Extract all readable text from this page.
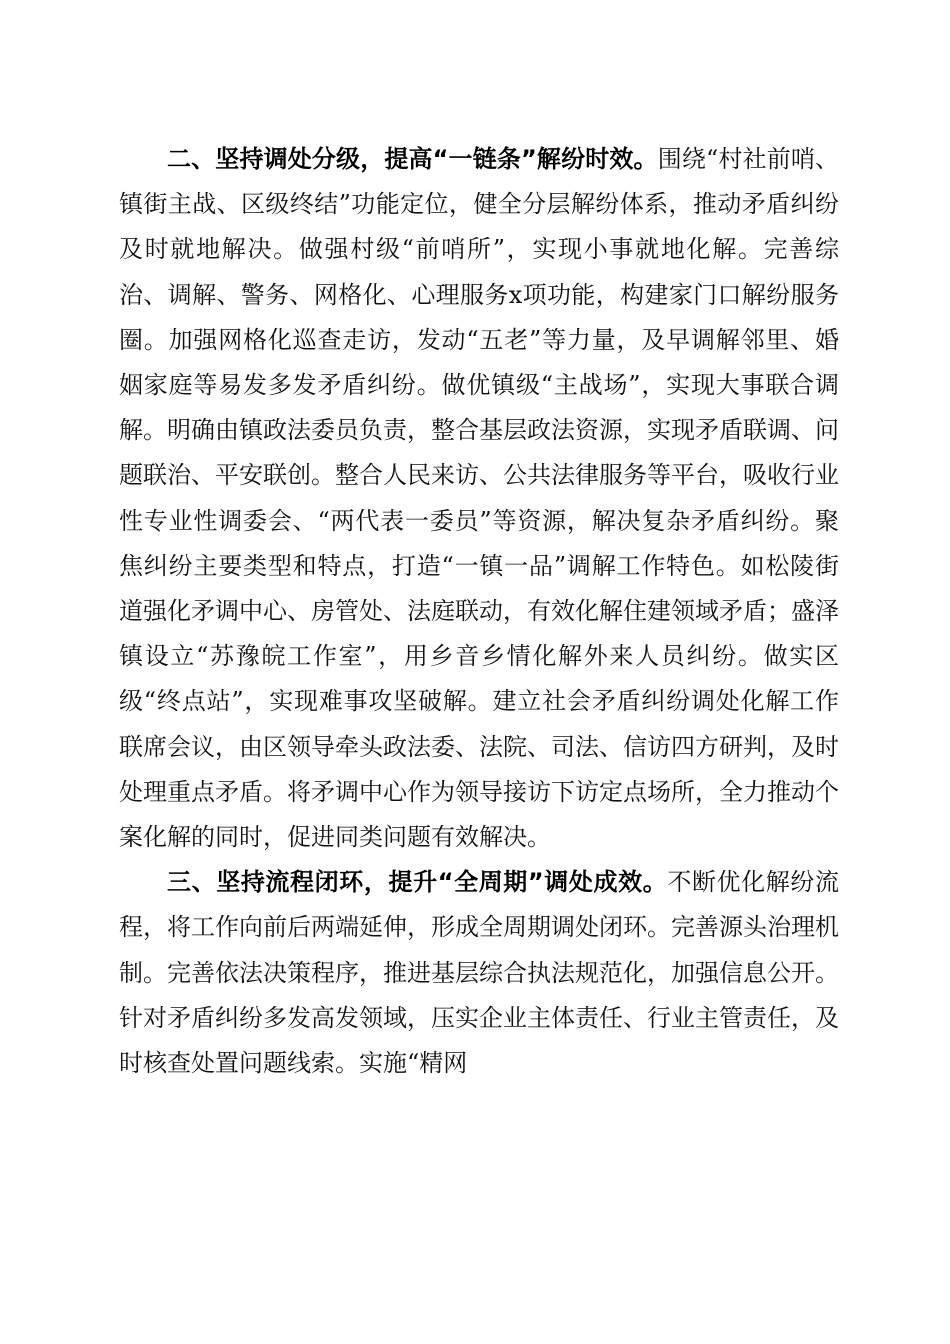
二、坚持调处分级，提高“一链条”解纷时效。围绕“村社前哨、镇街主战、区级终结”功能定位，健全分层解纷体系，推动矛盾纠纷及时就地解决。做强村级“前哨所”，实现小事就地化解。完善综治、调解、警务、网格化、心理服务x项功能，构建家门口解纷服务圈。加强网格化巡查走访，发动“五老”等力量，及早调解邻里、婚姻家庭等易发多发矛盾纠纷。做优镇级“主战场”，实现大事联合调解。明确由镇政法委员负责，整合基层政法资源，实现矛盾联调、问题联治、平安联创。整合人民来访、公共法律服务等平台，吸收行业性专业性调委会、“两代表一委员”等资源，解决复杂矛盾纠纷。聚焦纠纷主要类型和特点，打造“一镇一品”调解工作特色。如松陵街道强化矛调中心、房管处、法庭联动，有效化解住建领域矛盾；盛泽镇设立“苏豫皖工作室”，用乡音乡情化解外来人员纠纷。做实区级“终点站”，实现难事攻坚破解。建立社会矛盾纠纷调处化解工作联席会议，由区领导牵头政法委、法院、司法、信访四方研判，及时处理重点矛盾。将矛调中心作为领导接访下访定点场所，全力推动个案化解的同时，促进同类问题有效解决。

三、坚持流程闭环，提升“全周期”调处成效。不断优化解纷流程，将工作向前后两端延伸，形成全周期调处闭环。完善源头治理机制。完善依法决策程序，推进基层综合执法规范化，加强信息公开。针对矛盾纠纷多发高发领域，压实企业主体责任、行业主管责任，及时核查处置问题线索。实施“精网
